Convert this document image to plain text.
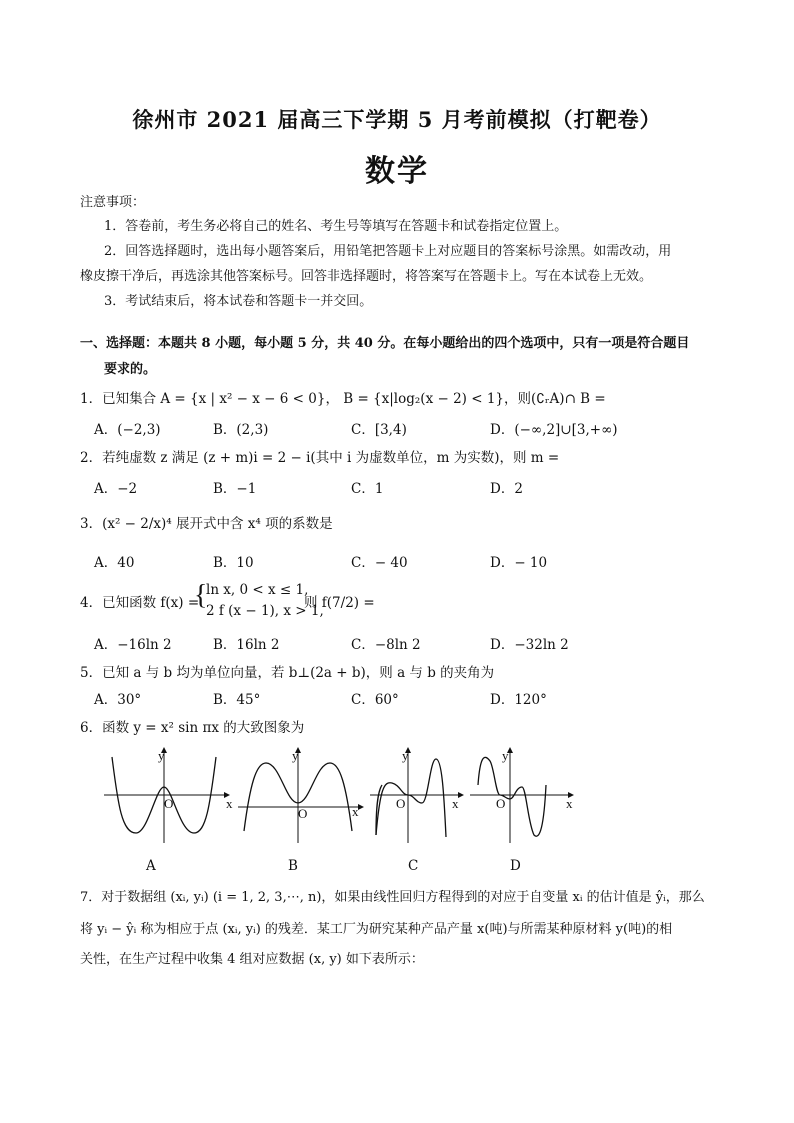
徐州市 2021 届高三下学期 5 月考前模拟（打靶卷）
数学
注意事项：
1．答卷前，考生务必将自己的姓名、考生号等填写在答题卡和试卷指定位置上。
2．回答选择题时，选出每小题答案后，用铅笔把答题卡上对应题目的答案标号涂黑。如需改动，用
橡皮擦干净后，再选涂其他答案标号。回答非选择题时，将答案写在答题卡上。写在本试卷上无效。
3．考试结束后，将本试卷和答题卡一并交回。
一、选择题：本题共 8 小题，每小题 5 分，共 40 分。在每小题给出的四个选项中，只有一项是符合题目
要求的。
1．已知集合 A = {x | x² − x − 6 < 0}， B = {x|log₂(x − 2) < 1}，则(∁ᵣA)∩ B =
A．(−2,3)	B．(2,3)	C．[3,4)	D．(−∞,2]∪[3,+∞)
2．若纯虚数 z 满足 (z + m)i = 2 − i(其中 i 为虚数单位，m 为实数)，则 m =
A．−2	B．−1	C．1	D．2
3．(x² − 2/x)⁴ 展开式中含 x⁴ 项的系数是
A．40	B．10	C．− 40	D．− 10
4．已知函数 f(x) =
{
ln x, 0 < x ≤ 1,
2 f (x − 1), x > 1,
则 f(7/2) =
A．−16ln 2	B．16ln 2	C．−8ln 2	D．−32ln 2
5．已知 a 与 b 均为单位向量，若 b⊥(2a + b)，则 a 与 b 的夹角为
A．30°	B．45°	C．60°	D．120°
6．函数 y = x² sin πx 的大致图象为
y
x
O
A
y
x
O
B
y
x
O
C
y
x
O
D
7．对于数据组 (xᵢ, yᵢ) (i = 1, 2, 3,⋯, n)，如果由线性回归方程得到的对应于自变量 xᵢ 的估计值是 ŷᵢ，那么
将 yᵢ − ŷᵢ 称为相应于点 (xᵢ, yᵢ) 的残差．某工厂为研究某种产品产量 x(吨)与所需某种原材料 y(吨)的相
关性，在生产过程中收集 4 组对应数据 (x, y) 如下表所示：
